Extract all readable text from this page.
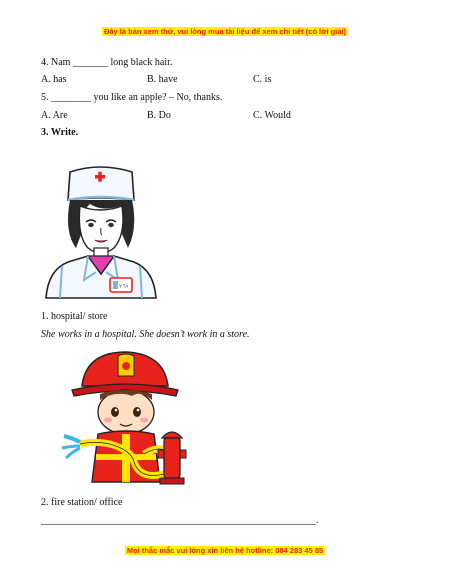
Đây là bản xem thử, vui lòng mua tài liệu để xem chi tiết (có lời giải)
4. Nam _______ long black hair.
A. has	B. have	C. is
5. ________ you like an apple? – No, thanks.
A. Are	B. Do	C. Would
3. Write.
Y TÁ
1. hospital/ store
She works in a hospital. She doesn’t work in a store.
2. fire station/ office
_______________________________________________________.
Mọi thắc mắc vui lòng xin liên hệ hotline: 084 283 45 85
